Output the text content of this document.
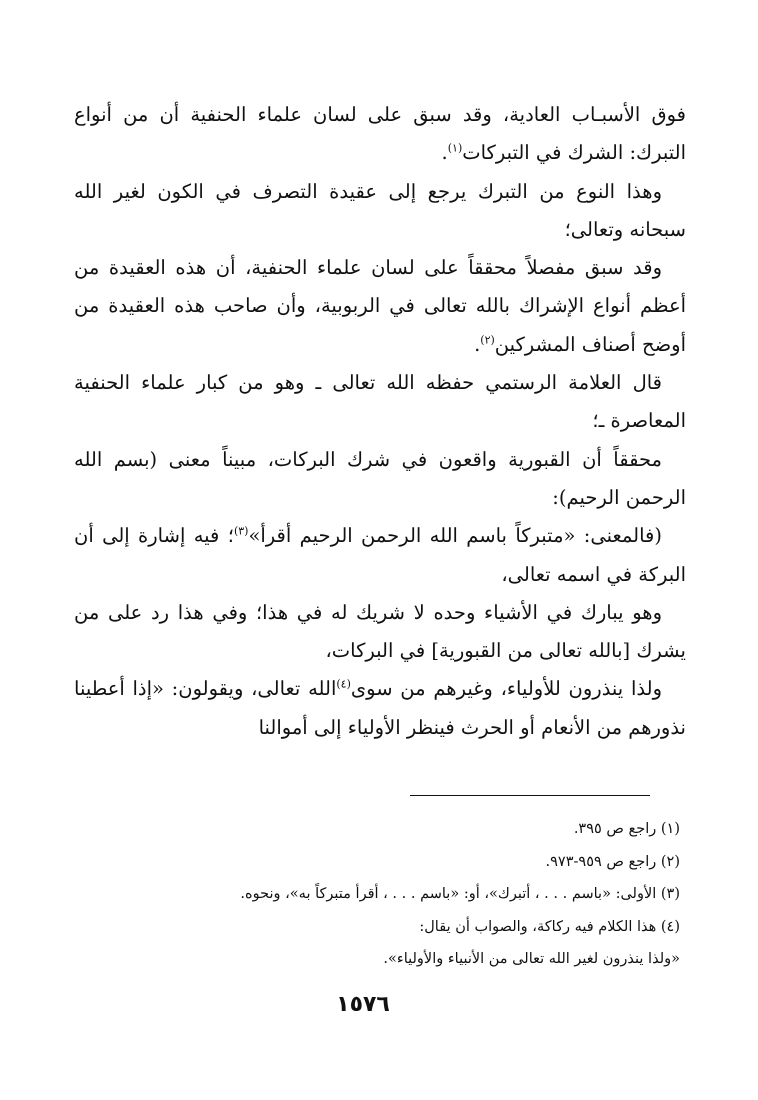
فوق الأسبـاب العادية، وقد سبق على لسان علماء الحنفية أن من أنواع التبرك: الشرك في التبركات$^{(١)}$.

وهذا النوع من التبرك يرجع إلى عقيدة التصرف في الكون لغير الله سبحانه وتعالى؛

وقد سبق مفصلاً محققاً على لسان علماء الحنفية، أن هذه العقيدة من أعظم أنواع الإشراك بالله تعالى في الربوبية، وأن صاحب هذه العقيدة من أوضح أصناف المشركين$^{(٢)}$.

قال العلامة الرستمي حفظه الله تعالى ـ وهو من كبار علماء الحنفية المعاصرة ـ؛

محققاً أن القبورية واقعون في شرك البركات، مبيناً معنى (بسم الله الرحمن الرحيم):

(فالمعنى: «متبركاً باسم الله الرحمن الرحيم أقرأ»$^{(٣)}$؛ فيه إشارة إلى أن البركة في اسمه تعالى،

وهو يبارك في الأشياء وحده لا شريك له في هذا؛ وفي هذا رد على من يشرك [بالله تعالى من القبورية] في البركات،

ولذا ينذرون للأولياء، وغيرهم من سوى$^{(٤)}$الله تعالى، ويقولون: «إذا أعطينا نذورهم من الأنعام أو الحرث فينظر الأولياء إلى أموالنا

(١) راجع ص ٣٩٥.

(٢) راجع ص ٩٥٩-٩٧٣.

(٣) الأولى: «باسم . . . ، أتبرك»، أو: «باسم . . . ، أقرأ متبركاً به»، ونحوه.

(٤) هذا الكلام فيه ركاكة، والصواب أن يقال:

«ولذا ينذرون لغير الله تعالى من الأنبياء والأولياء».

١٥٧٦
